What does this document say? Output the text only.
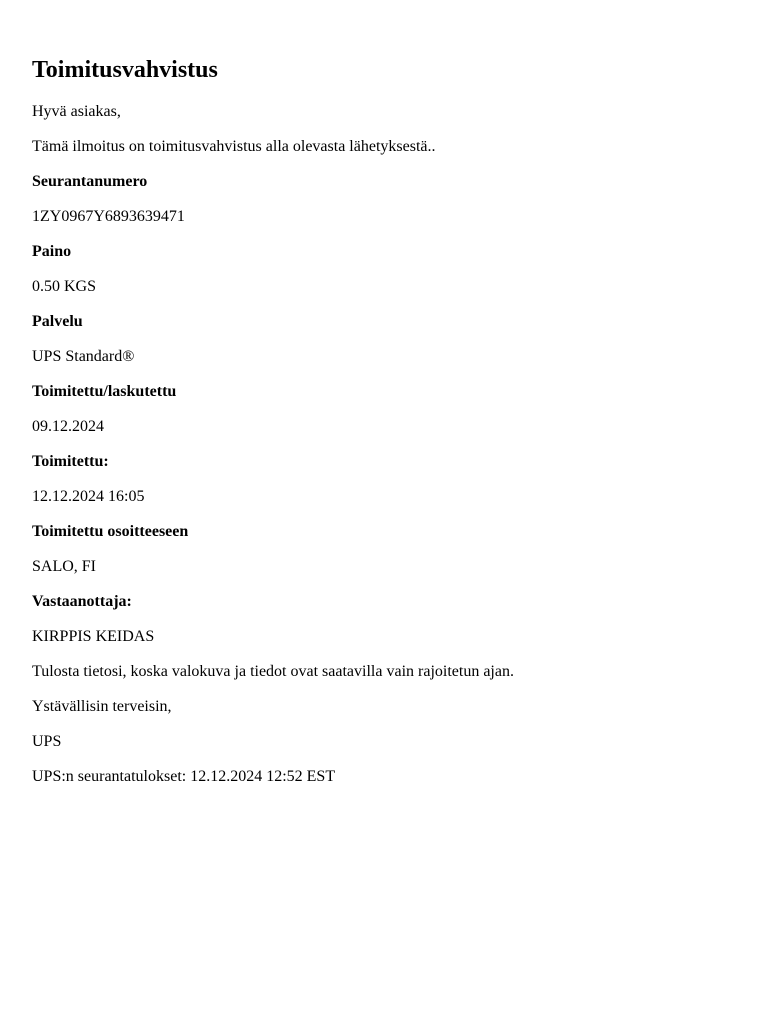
Toimitusvahvistus

Hyvä asiakas,

Tämä ilmoitus on toimitusvahvistus alla olevasta lähetyksestä..

Seurantanumero

1ZY0967Y6893639471

Paino

0.50 KGS

Palvelu

UPS Standard®

Toimitettu/laskutettu

09.12.2024

Toimitettu:

12.12.2024 16:05

Toimitettu osoitteeseen

SALO, FI

Vastaanottaja:

KIRPPIS KEIDAS

Tulosta tietosi, koska valokuva ja tiedot ovat saatavilla vain rajoitetun ajan.

Ystävällisin terveisin,

UPS

UPS:n seurantatulokset: 12.12.2024 12:52 EST
